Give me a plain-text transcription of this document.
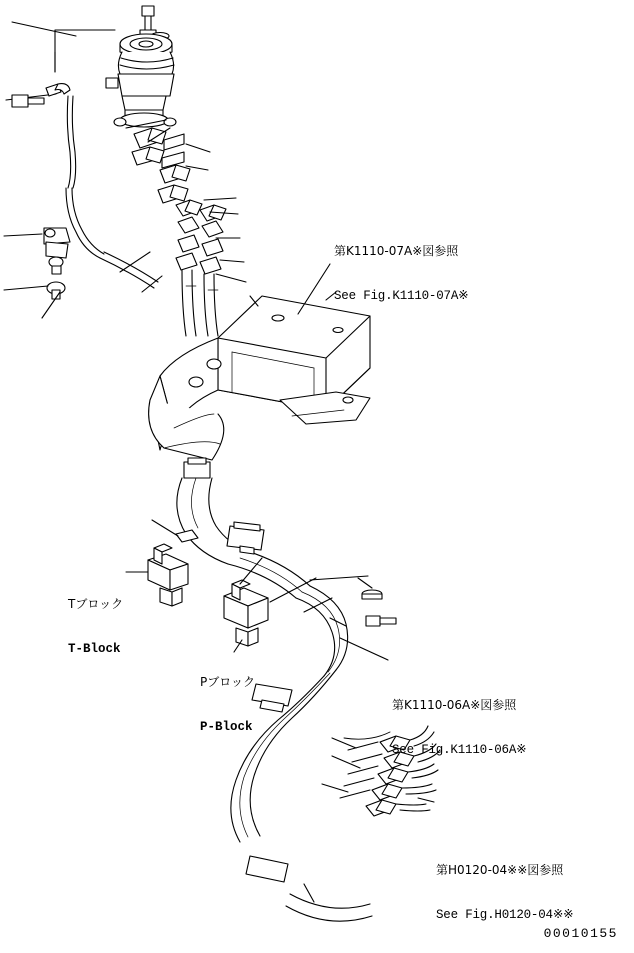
第K1110-07A※図参照

See Fig.K1110-07A※

第K1110-06A※図参照

See Fig.K1110-06A※

第H0120-04※※図参照

See Fig.H0120-04※※

Tブロック

T-Block

Pブロック

P-Block

00010155
